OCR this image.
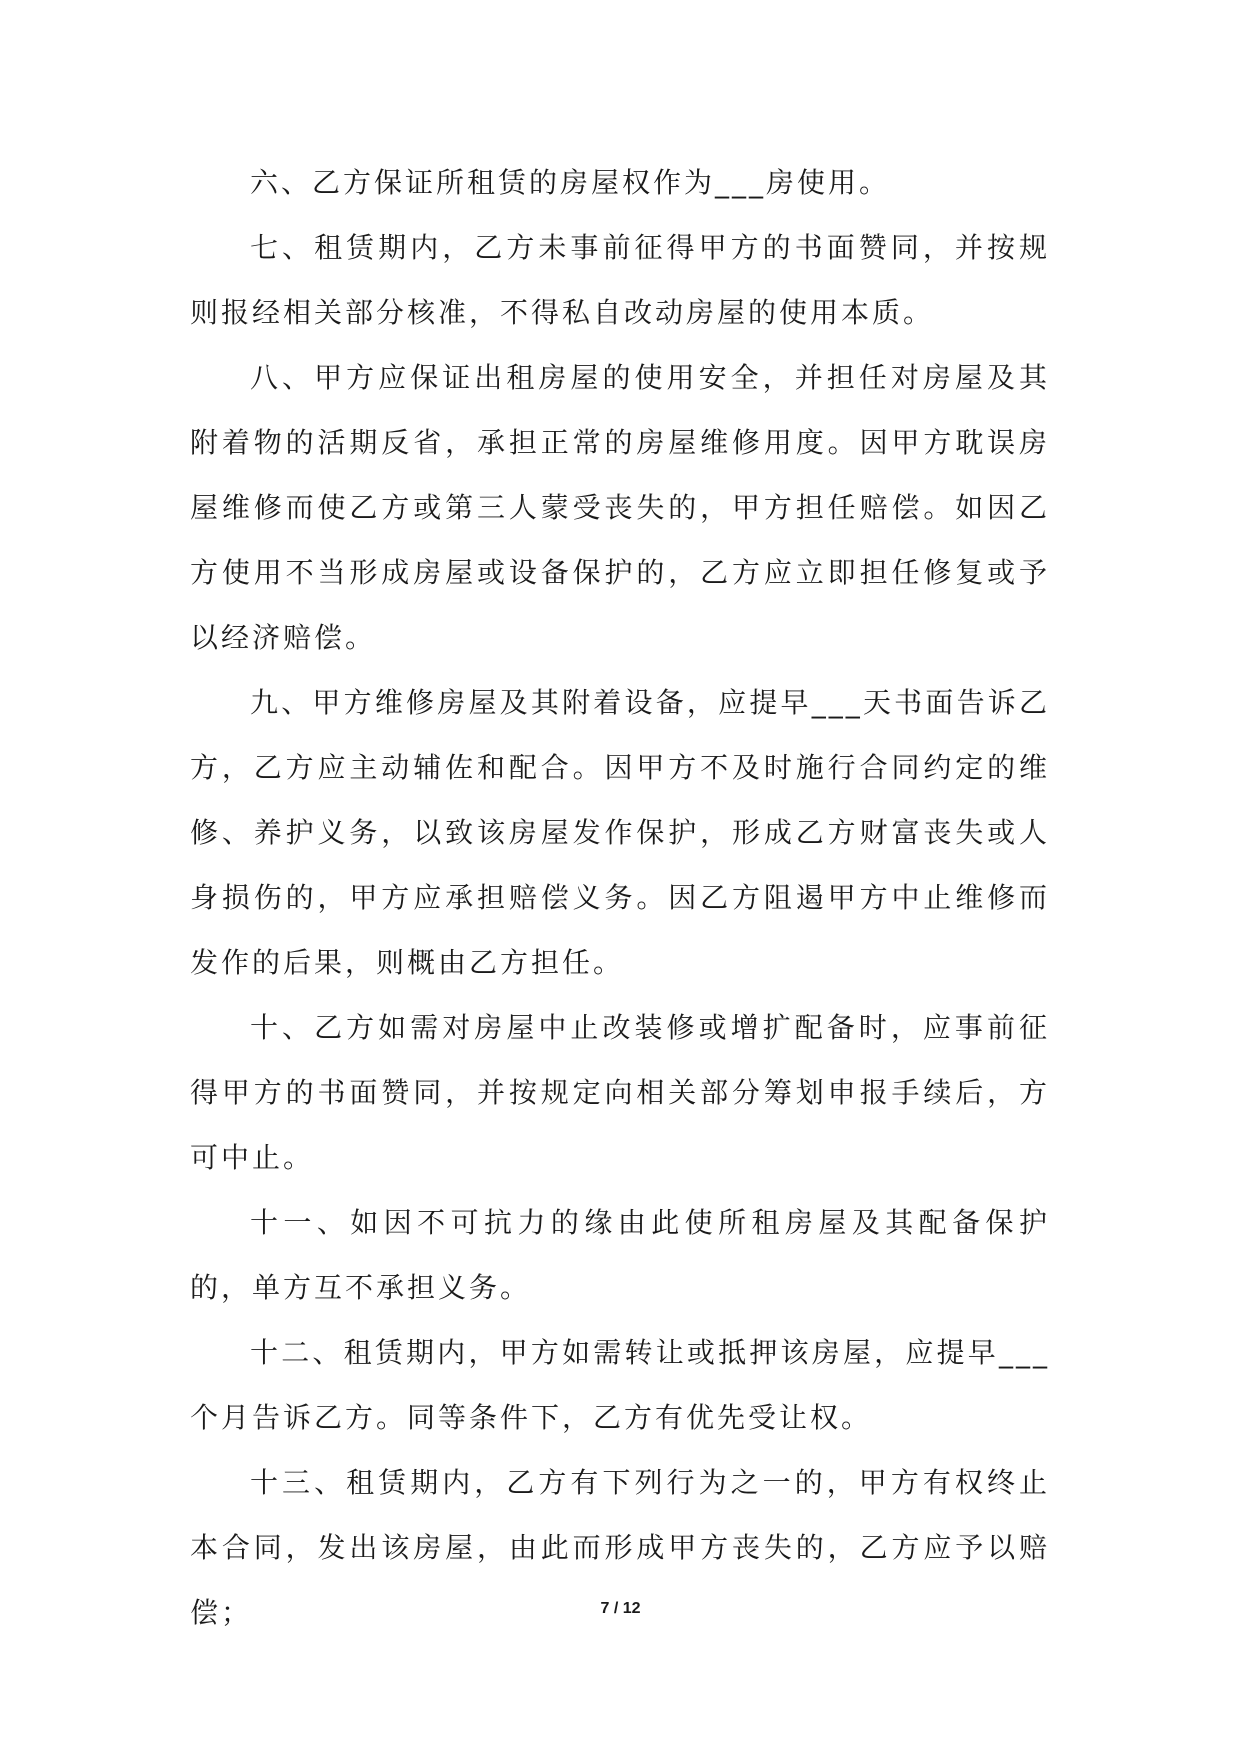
六、乙方保证所租赁的房屋权作为___房使用。

七、租赁期内，乙方未事前征得甲方的书面赞同，并按规则报经相关部分核准，不得私自改动房屋的使用本质。

八、甲方应保证出租房屋的使用安全，并担任对房屋及其附着物的活期反省，承担正常的房屋维修用度。因甲方耽误房屋维修而使乙方或第三人蒙受丧失的，甲方担任赔偿。如因乙方使用不当形成房屋或设备保护的，乙方应立即担任修复或予以经济赔偿。

九、甲方维修房屋及其附着设备，应提早___天书面告诉乙方，乙方应主动辅佐和配合。因甲方不及时施行合同约定的维修、养护义务，以致该房屋发作保护，形成乙方财富丧失或人身损伤的，甲方应承担赔偿义务。因乙方阻遏甲方中止维修而发作的后果，则概由乙方担任。

十、乙方如需对房屋中止改装修或增扩配备时，应事前征得甲方的书面赞同，并按规定向相关部分筹划申报手续后，方可中止。

十一、如因不可抗力的缘由此使所租房屋及其配备保护的，单方互不承担义务。

十二、租赁期内，甲方如需转让或抵押该房屋，应提早___个月告诉乙方。同等条件下，乙方有优先受让权。

十三、租赁期内，乙方有下列行为之一的，甲方有权终止本合同，发出该房屋，由此而形成甲方丧失的，乙方应予以赔偿；	7 / 12
